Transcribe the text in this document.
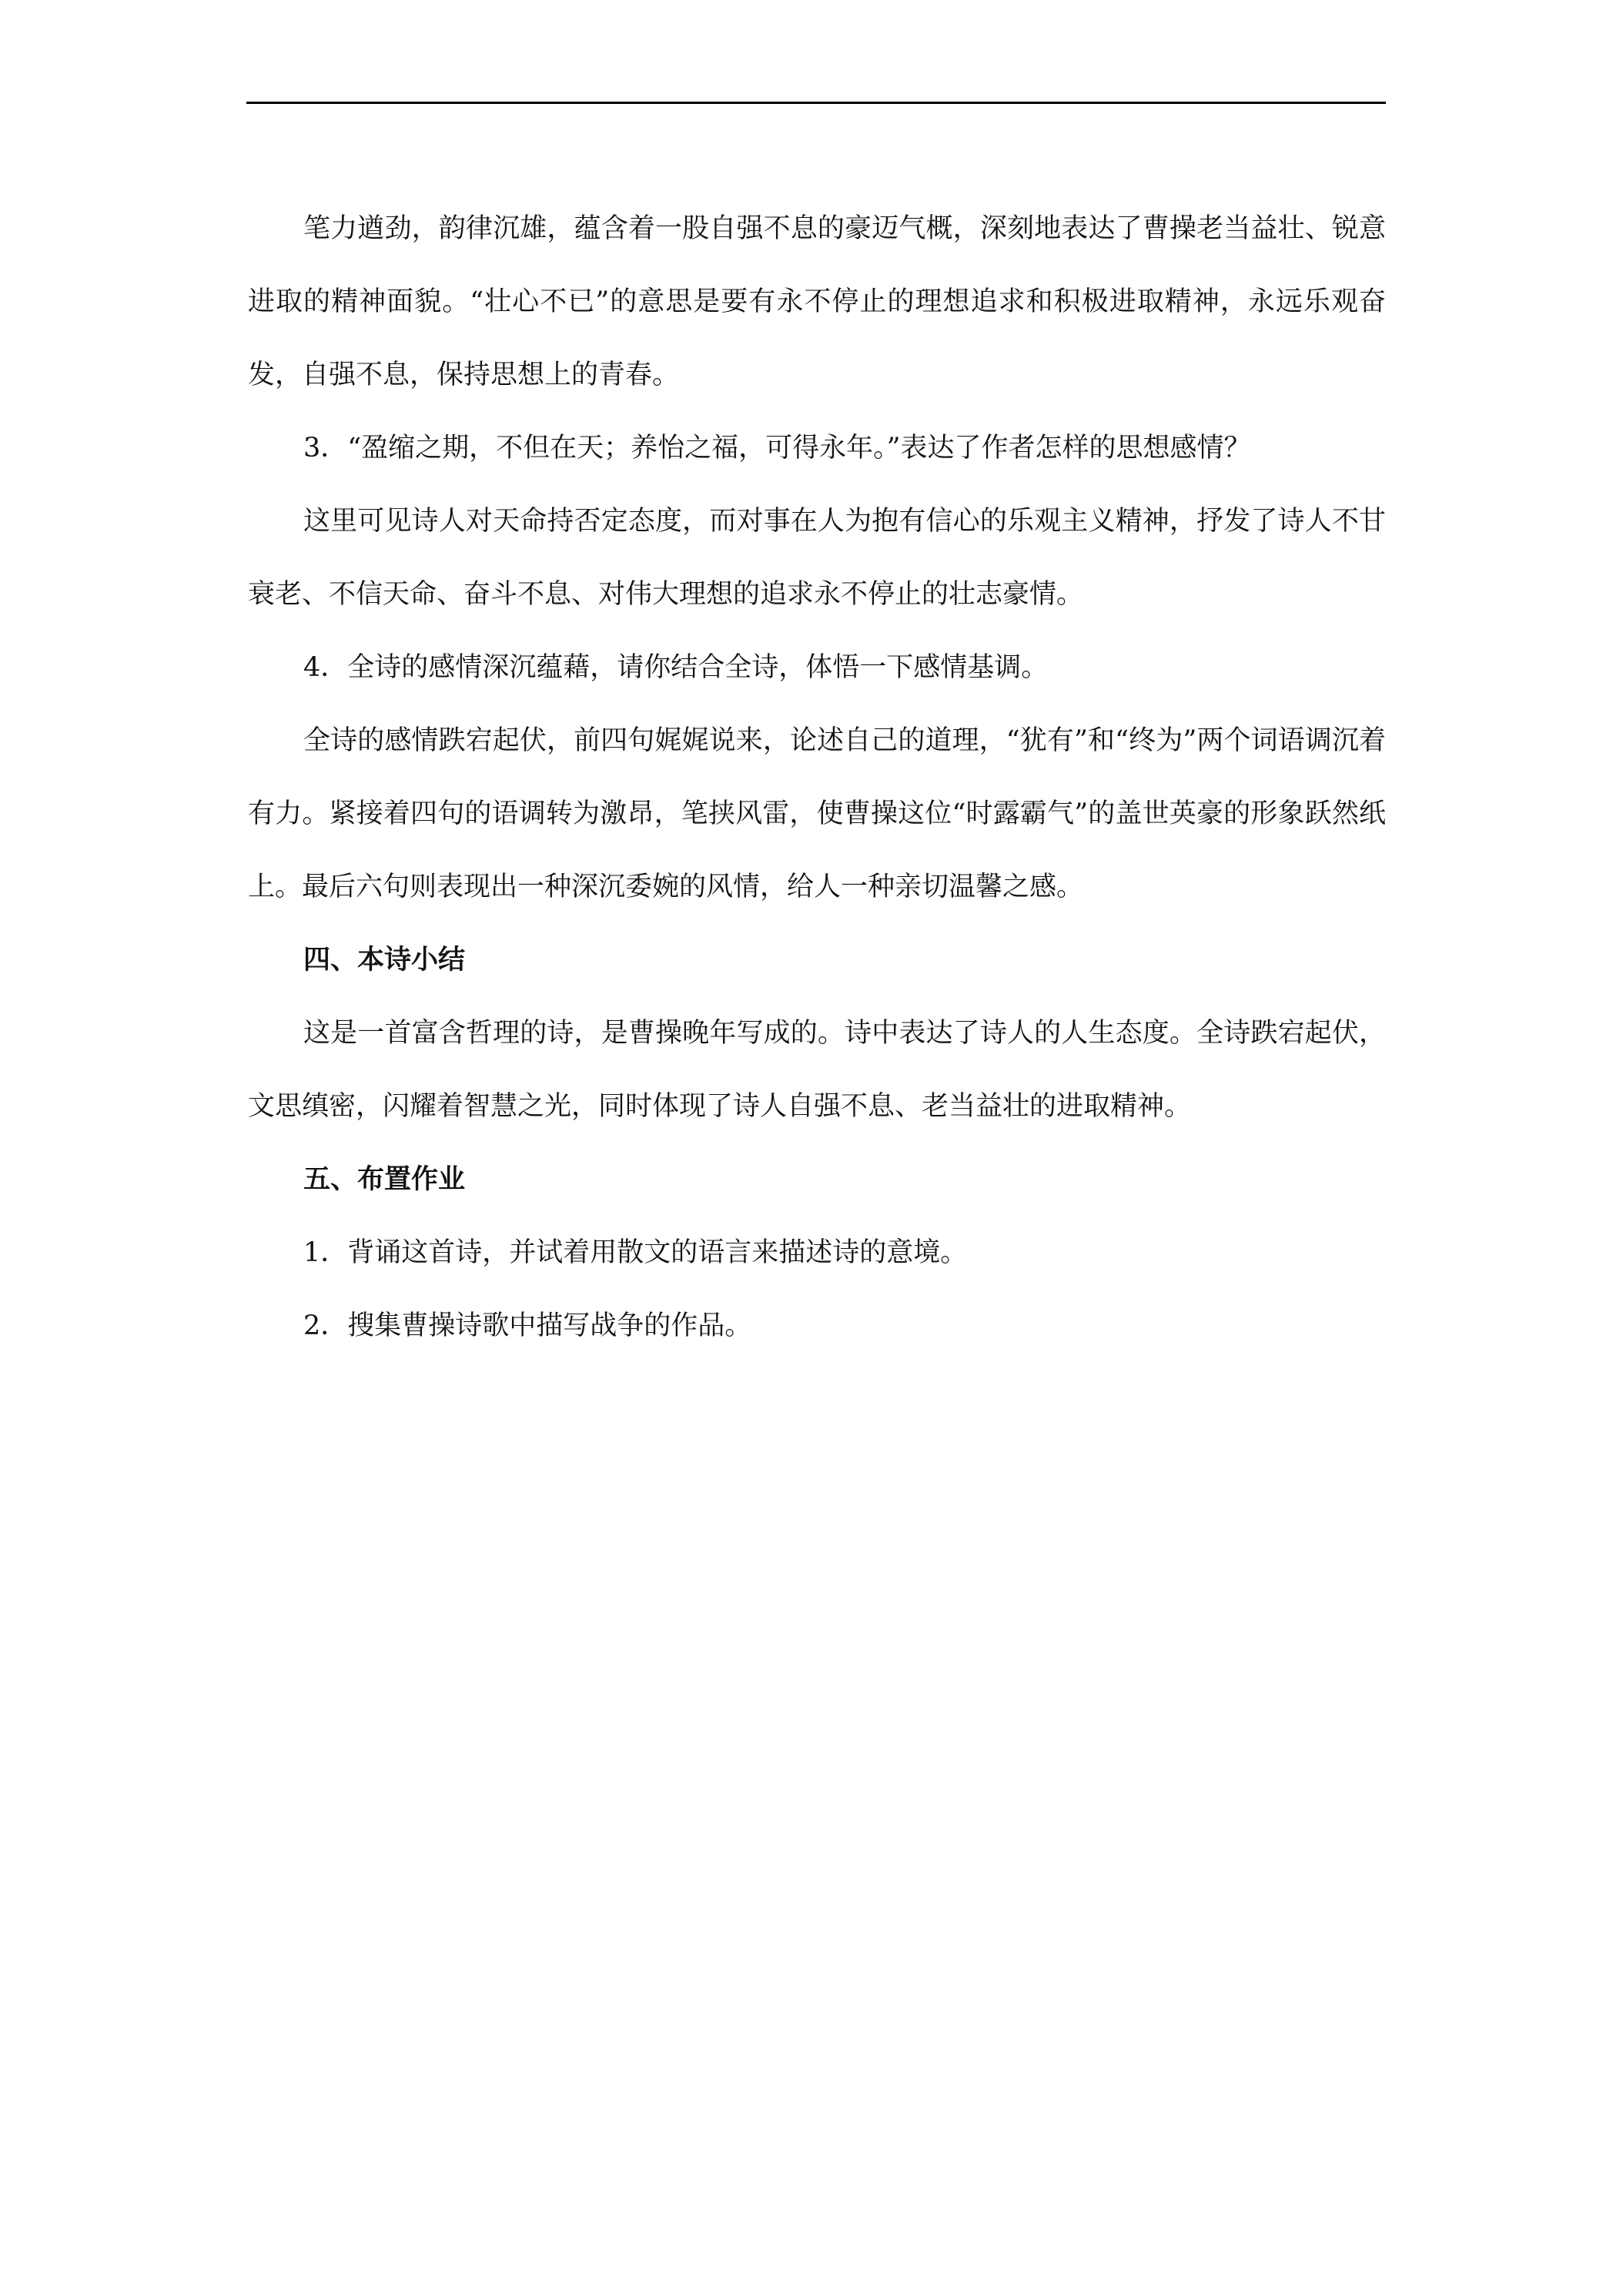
笔力遒劲，韵律沉雄，蕴含着一股自强不息的豪迈气概，深刻地表达了曹操老当益壮、锐意进取的精神面貌。“壮心不已”的意思是要有永不停止的理想追求和积极进取精神，永远乐观奋发，自强不息，保持思想上的青春。

3．“盈缩之期，不但在天；养怡之福，可得永年。”表达了作者怎样的思想感情？

这里可见诗人对天命持否定态度，而对事在人为抱有信心的乐观主义精神，抒发了诗人不甘衰老、不信天命、奋斗不息、对伟大理想的追求永不停止的壮志豪情。

4．全诗的感情深沉蕴藉，请你结合全诗，体悟一下感情基调。

全诗的感情跌宕起伏，前四句娓娓说来，论述自己的道理，“犹有”和“终为”两个词语调沉着有力。紧接着四句的语调转为激昂，笔挟风雷，使曹操这位“时露霸气”的盖世英豪的形象跃然纸上。最后六句则表现出一种深沉委婉的风情，给人一种亲切温馨之感。

四、本诗小结

这是一首富含哲理的诗，是曹操晚年写成的。诗中表达了诗人的人生态度。全诗跌宕起伏，文思缜密，闪耀着智慧之光，同时体现了诗人自强不息、老当益壮的进取精神。

五、布置作业

1．背诵这首诗，并试着用散文的语言来描述诗的意境。

2．搜集曹操诗歌中描写战争的作品。
